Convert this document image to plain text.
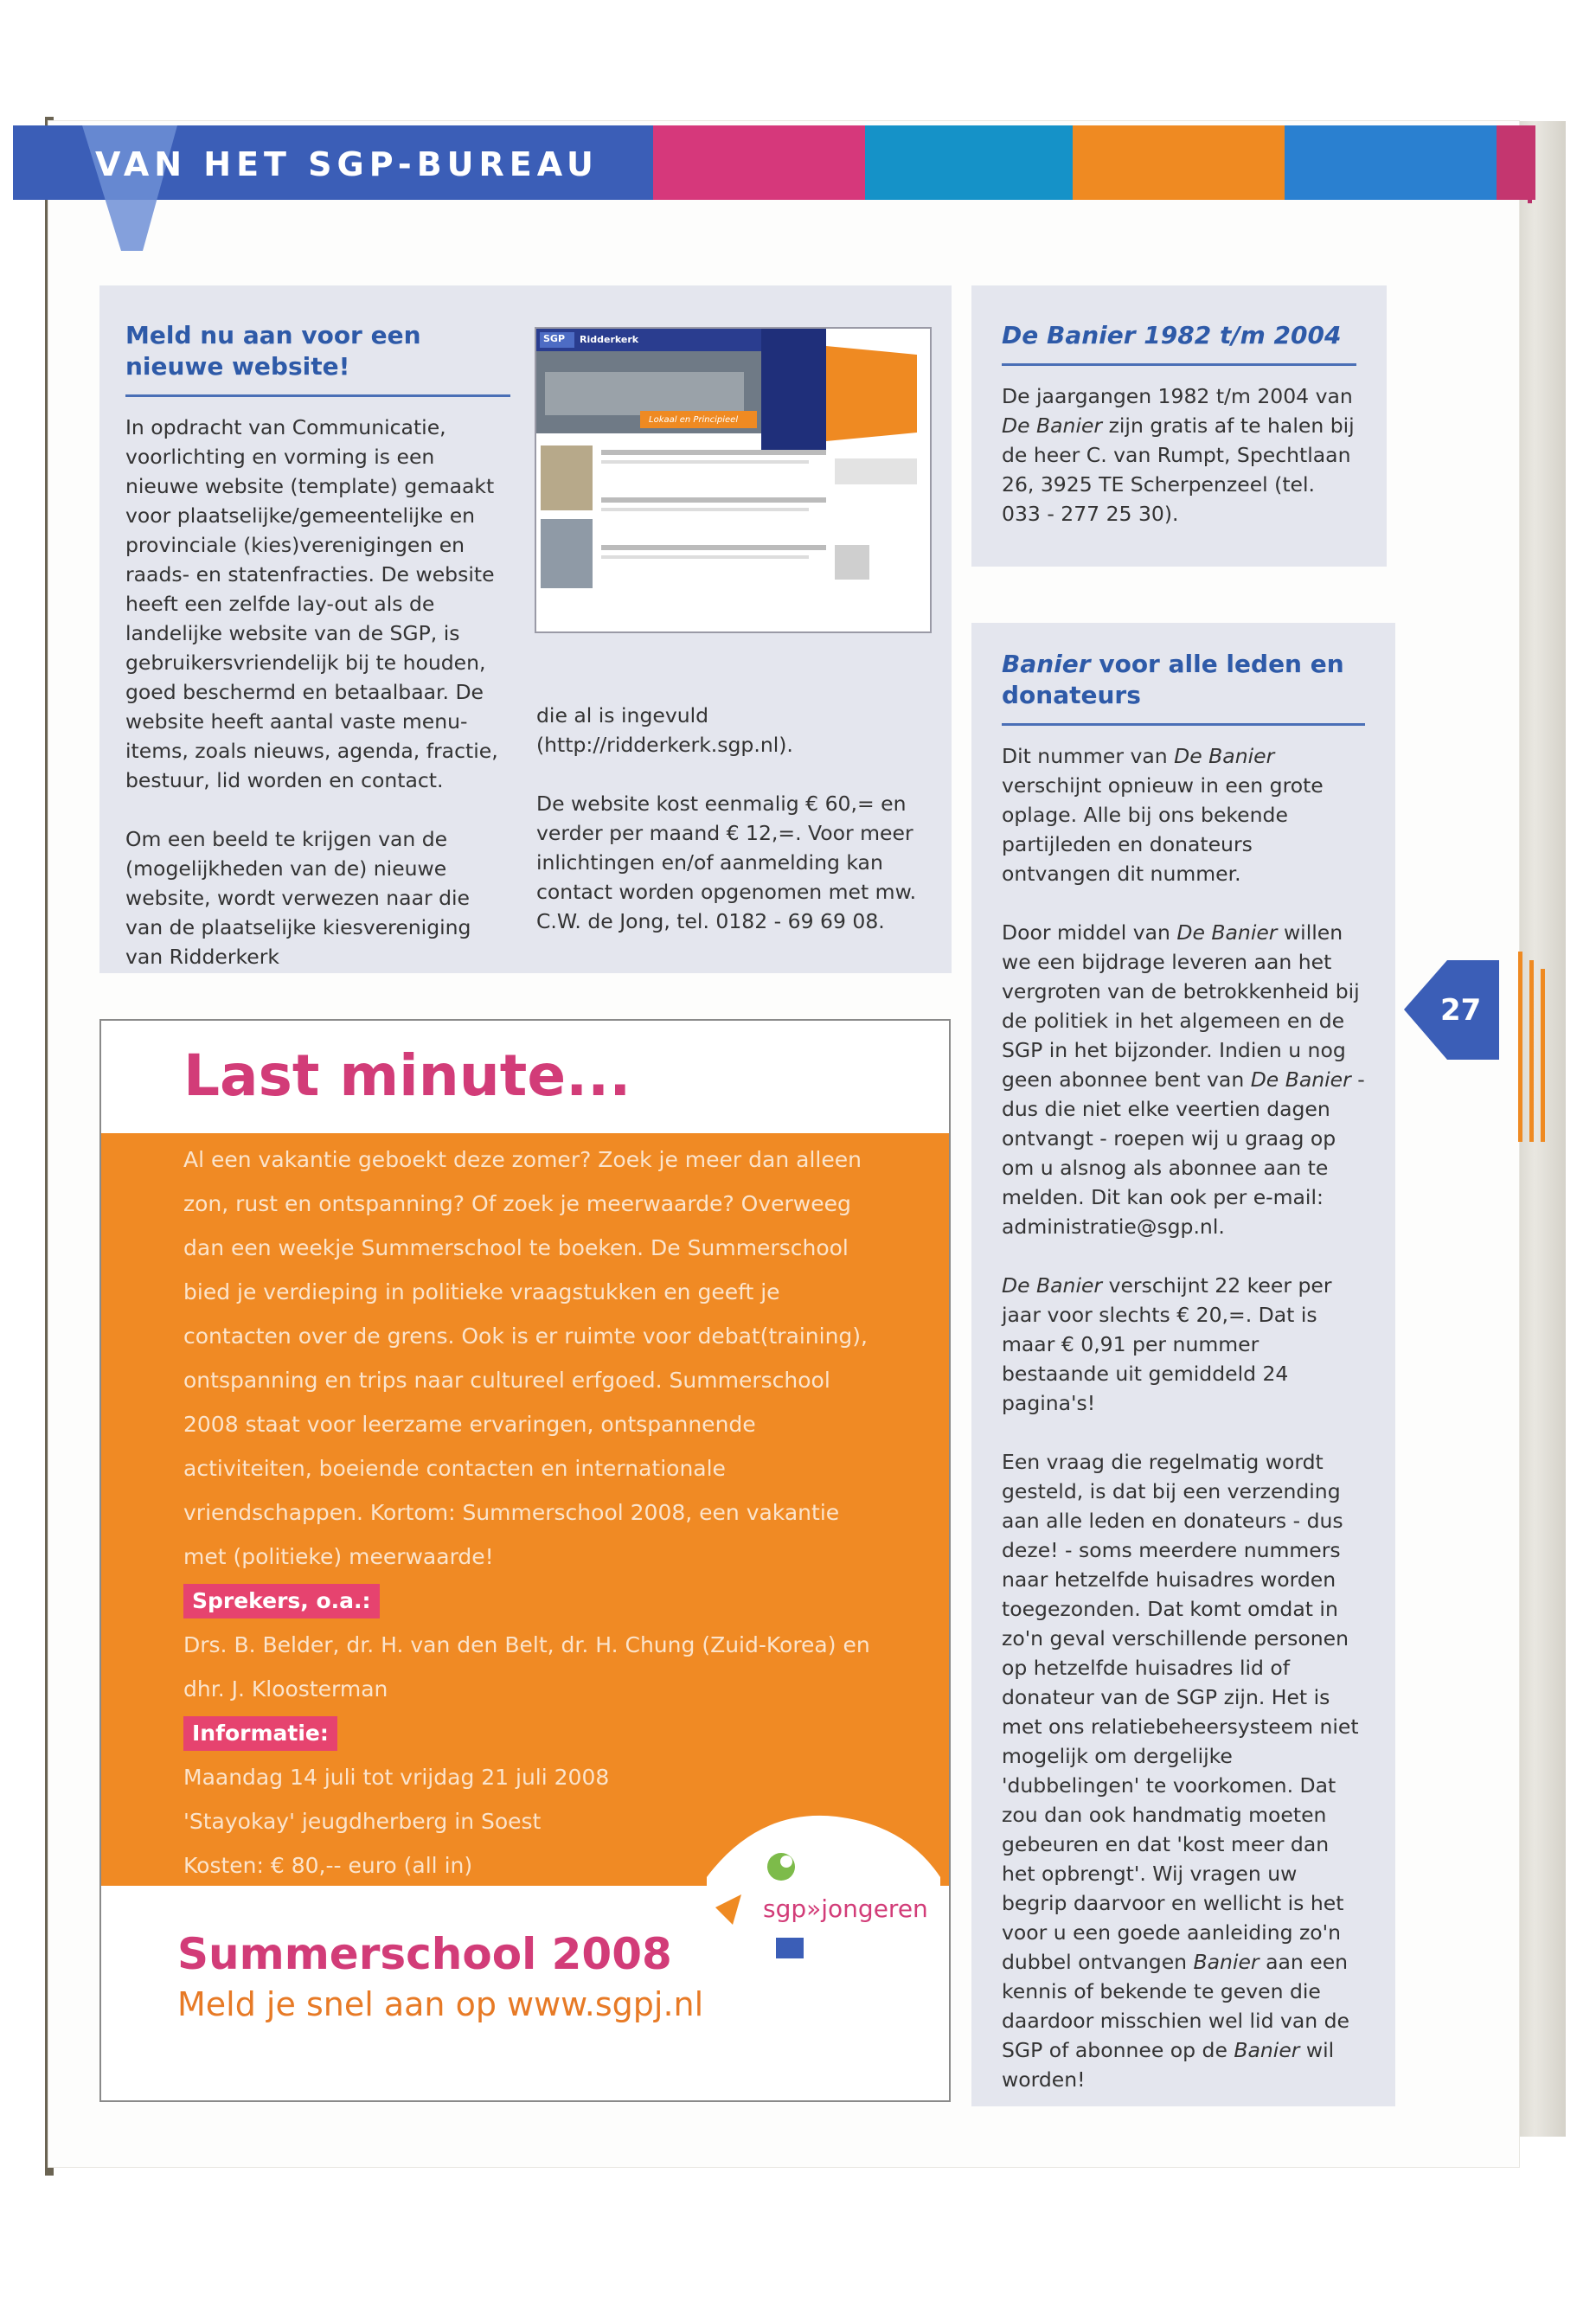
VAN HET SGP-BUREAU
Meld nu aan voor een nieuwe website!

In opdracht van Communicatie, voorlichting en vorming is een nieuwe website (template) gemaakt voor plaatselijke/gemeentelijke en provinciale (kies)verenigingen en raads- en statenfracties. De website heeft een zelfde lay-out als de landelijke website van de SGP, is gebruikersvriendelijk bij te houden, goed beschermd en betaalbaar. De website heeft aantal vaste menu-items, zoals nieuws, agenda, fractie, bestuur, lid worden en contact.

Om een beeld te krijgen van de (mogelijkheden van de) nieuwe website, wordt verwezen naar die van de plaatselijke kiesvereniging van Ridderkerk

SGP Ridderkerk
Lokaal en Principieel

die al is ingevuld (http://ridderkerk.sgp.nl).

De website kost eenmalig € 60,= en verder per maand € 12,=. Voor meer inlichtingen en/of aanmelding kan contact worden opgenomen met mw. C.W. de Jong, tel. 0182 - 69 69 08.

De Banier 1982 t/m 2004

De jaargangen 1982 t/m 2004 van De Banier zijn gratis af te halen bij de heer C. van Rumpt, Spechtlaan 26, 3925 TE Scherpenzeel (tel. 033 - 277 25 30).

Banier voor alle leden en donateurs

Dit nummer van De Banier verschijnt opnieuw in een grote oplage. Alle bij ons bekende partijleden en donateurs ontvangen dit nummer.

Door middel van De Banier willen we een bijdrage leveren aan het vergroten van de betrokkenheid bij de politiek in het algemeen en de SGP in het bijzonder. Indien u nog geen abonnee bent van De Banier - dus die niet elke veertien dagen ontvangt - roepen wij u graag op om u alsnog als abonnee aan te melden. Dit kan ook per e-mail: administratie@sgp.nl.

De Banier verschijnt 22 keer per jaar voor slechts € 20,=. Dat is maar € 0,91 per nummer bestaande uit gemiddeld 24 pagina's!

Een vraag die regelmatig wordt gesteld, is dat bij een verzending aan alle leden en donateurs - dus deze! - soms meerdere nummers naar hetzelfde huisadres worden toegezonden. Dat komt omdat in zo'n geval verschillende personen op hetzelfde huisadres lid of donateur van de SGP zijn. Het is met ons relatiebeheersysteem niet mogelijk om dergelijke 'dubbelingen' te voorkomen. Dat zou dan ook handmatig moeten gebeuren en dat 'kost meer dan het opbrengt'. Wij vragen uw begrip daarvoor en wellicht is het voor u een goede aanleiding zo'n dubbel ontvangen Banier aan een kennis of bekende te geven die daardoor misschien wel lid van de SGP of abonnee op de Banier wil worden!

27
Last minute...
Al een vakantie geboekt deze zomer? Zoek je meer dan alleen zon, rust en ontspanning? Of zoek je meerwaarde? Overweeg dan een weekje Summerschool te boeken. De Summerschool bied je verdieping in politieke vraagstukken en geeft je contacten over de grens. Ook is er ruimte voor debat(training), ontspanning en trips naar cultureel erfgoed. Summerschool 2008 staat voor leerzame ervaringen, ontspannende activiteiten, boeiende contacten en internationale vriendschappen. Kortom: Summerschool 2008, een vakantie met (politieke) meerwaarde!
Sprekers, o.a.:
Drs. B. Belder, dr. H. van den Belt, dr. H. Chung (Zuid-Korea) en dhr. J. Kloosterman
Informatie:
Maandag 14 juli tot vrijdag 21 juli 2008
'Stayokay' jeugdherberg in Soest
Kosten: € 80,-- euro (all in)
sgp»jongeren
Summerschool 2008
Meld je snel aan op www.sgpj.nl
